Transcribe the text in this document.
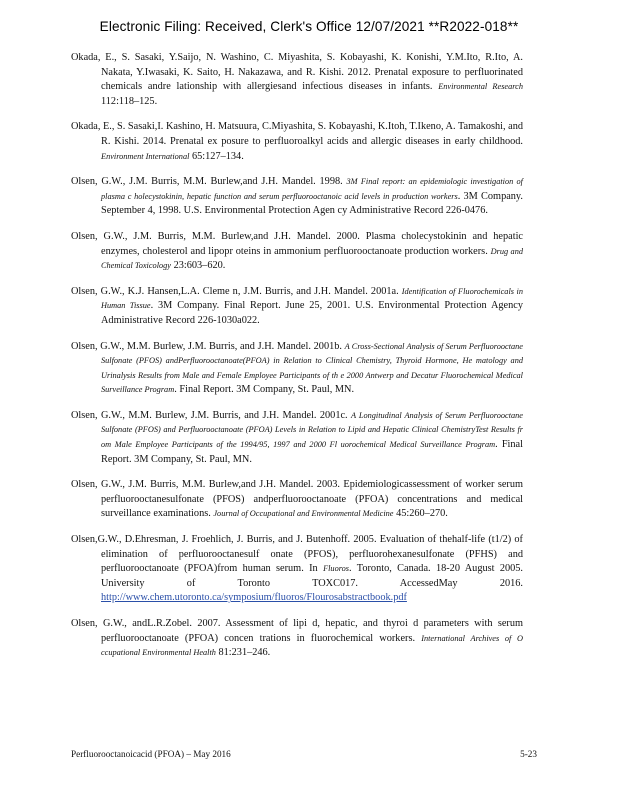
Electronic Filing: Received, Clerk's Office 12/07/2021 **R2022-018**

Okada, E., S. Sasaki, Y.Saijo, N. Washino, C. Miyashita, S. Kobayashi, K. Konishi, Y.M.Ito, R.Ito, A. Nakata, Y.Iwasaki, K. Saito, H. Nakazawa, and R. Kishi. 2012. Prenatal exposure to perfluorinated chemicals andre lationship with allergiesand infectious diseases in infants. Environmental Research 112:118–125.

Okada, E., S. Sasaki,I. Kashino, H. Matsuura, C.Miyashita, S. Kobayashi, K.Itoh, T.Ikeno, A. Tamakoshi, and R. Kishi. 2014. Prenatal ex posure to perfluoroalkyl acids and allergic diseases in early childhood. Environment International 65:127–134.

Olsen, G.W., J.M. Burris, M.M. Burlew,and J.H. Mandel. 1998. 3M Final report: an epidemiologic investigation of plasma c holecystokinin, hepatic function and serum perfluorooctanoic acid levels in production workers. 3M Company. September 4, 1998. U.S. Environmental Protection Agen cy Administrative Record 226-0476.

Olsen, G.W., J.M. Burris, M.M. Burlew,and J.H. Mandel. 2000. Plasma cholecystokinin and hepatic enzymes, cholesterol and lipopr oteins in ammonium perfluorooctanoate production workers. Drug and Chemical Toxicology 23:603–620.

Olsen, G.W., K.J. Hansen,L.A. Cleme n, J.M. Burris, and J.H. Mandel. 2001a. Identification of Fluorochemicals in Human Tissue. 3M Company. Final Report. June 25, 2001. U.S. Environmental Protection Agency Administrative Record 226-1030a022.

Olsen, G.W., M.M. Burlew, J.M. Burris, and J.H. Mandel. 2001b. A Cross-Sectional Analysis of Serum Perfluorooctane Sulfonate (PFOS) andPerfluorooctanoate(PFOA) in Relation to Clinical Chemistry, Thyroid Hormone, He matology and Urinalysis Results from Male and Female Employee Participants of th e 2000 Antwerp and Decatur Fluorochemical Medical Surveillance Program. Final Report. 3M Company, St. Paul, MN.

Olsen, G.W., M.M. Burlew, J.M. Burris, and J.H. Mandel. 2001c. A Longitudinal Analysis of Serum Perfluorooctane Sulfonate (PFOS) and Perfluorooctanoate (PFOA) Levels in Relation to Lipid and Hepatic Clinical ChemistryTest Results fr om Male Employee Participants of the 1994/95, 1997 and 2000 Fl uorochemical Medical Surveillance Program. Final Report. 3M Company, St. Paul, MN.

Olsen, G.W., J.M. Burris, M.M. Burlew,and J.H. Mandel. 2003. Epidemiologicassessment of worker serum perfluorooctanesulfonate (PFOS) andperfluorooctanoate (PFOA) concentrations and medical surveillance examinations. Journal of Occupational and Environmental Medicine 45:260–270.

Olsen,G.W., D.Ehresman, J. Froehlich, J. Burris, and J. Butenhoff. 2005. Evaluation of thehalf-life (t1/2) of elimination of perfluorooctanesulf onate (PFOS), perfluorohexanesulfonate (PFHS) and perfluorooctanoate (PFOA)from human serum. In Fluoros. Toronto, Canada. 18-20 August 2005. University of Toronto TOXC017. AccessedMay 2016. http://www.chem.utoronto.ca/symposium/fluoros/Flourosabstractbook.pdf

Olsen, G.W., andL.R.Zobel. 2007. Assessment of lipi d, hepatic, and thyroi d parameters with serum perfluorooctanoate (PFOA) concen trations in fluorochemical workers. International Archives of O ccupational Environmental Health 81:231–246.

Perfluorooctanoicacid (PFOA) – May 2016	5-23
